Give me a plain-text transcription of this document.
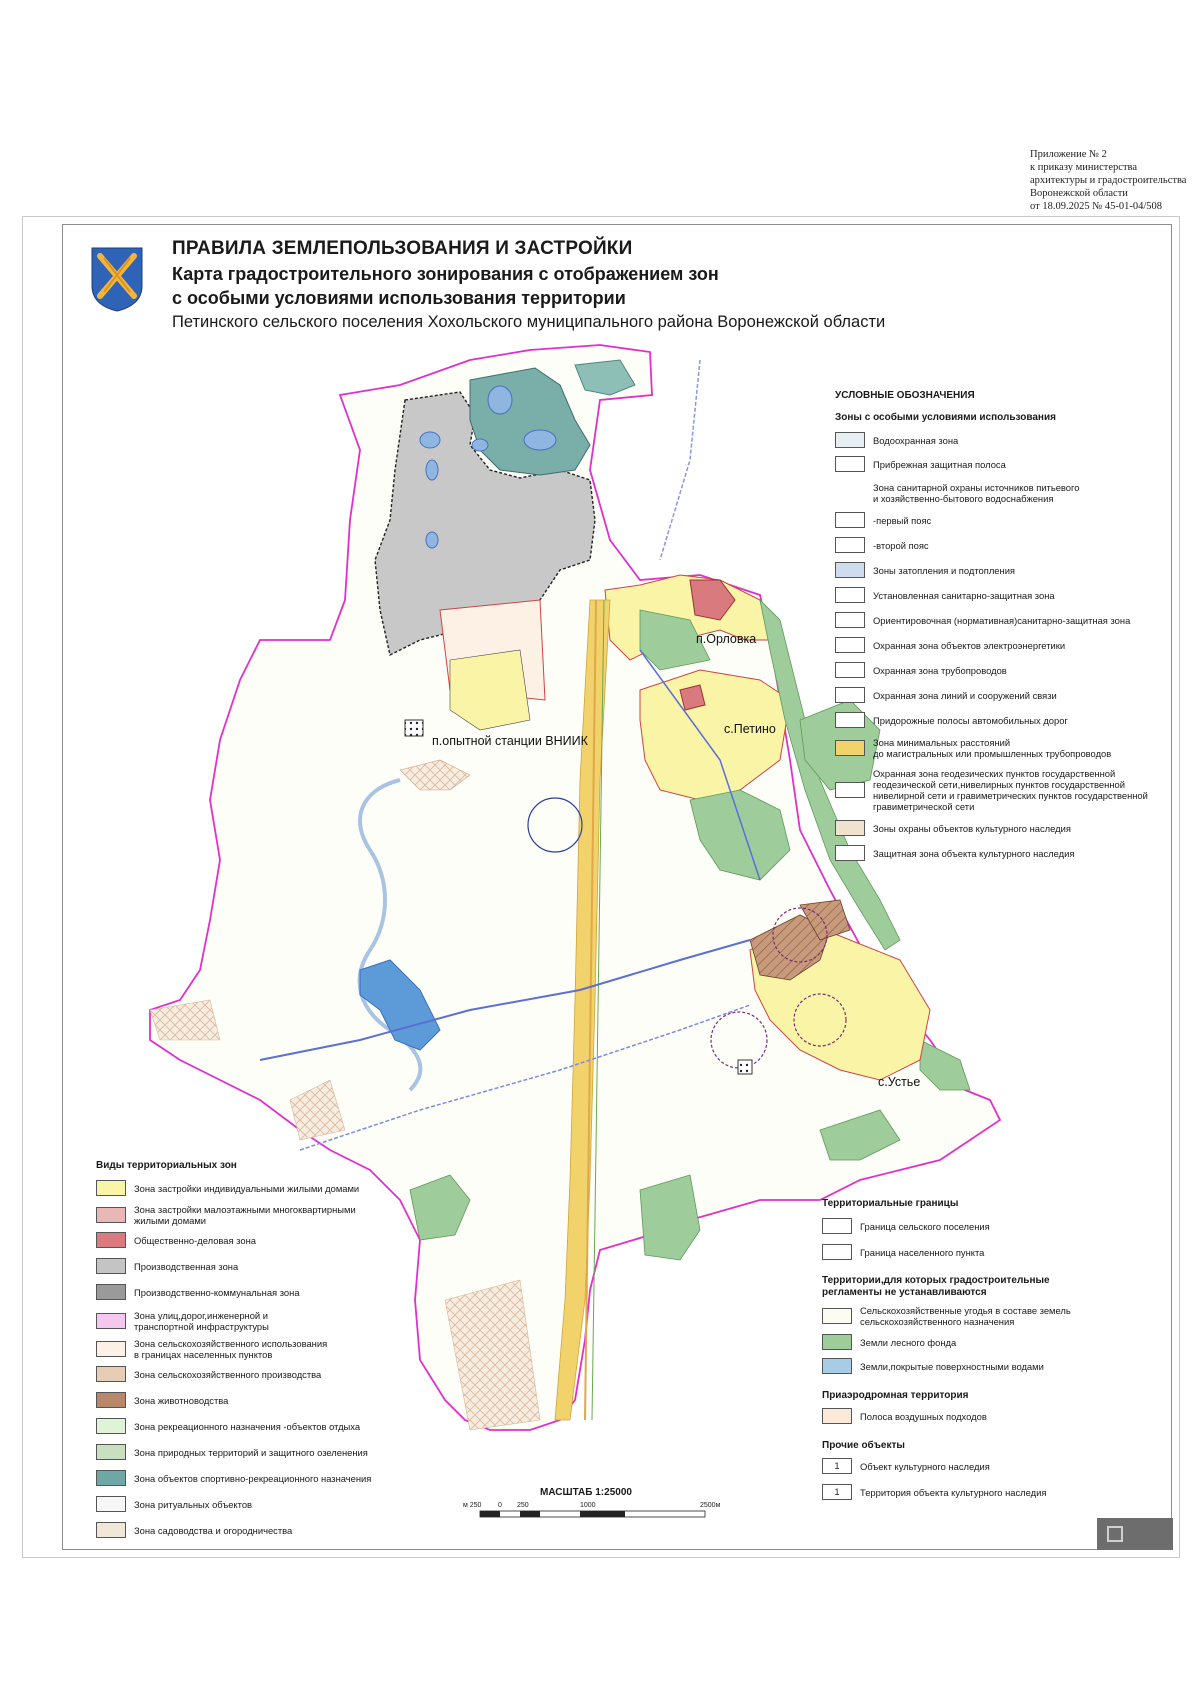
Приложение № 2
к приказу министерства
архитектуры и градостроительства
Воронежской области
от 18.09.2025 № 45-01-04/508
ПРАВИЛА ЗЕМЛЕПОЛЬЗОВАНИЯ И ЗАСТРОЙКИ
Карта градостроительного зонирования с отображением зон
с особыми условиями использования территории
Петинского сельского поселения Хохольского муниципального района Воронежской области
п.Орловка
с.Петино
п.опытной станции ВНИИК
с.Устье
УСЛОВНЫЕ ОБОЗНАЧЕНИЯ
Зоны с особыми условиями использования
Водоохранная зона
Прибрежная защитная полоса
Зона санитарной охраны источников питьевого
и хозяйственно-бытового водоснабжения
-первый пояс
-второй пояс
Зоны затопления и подтопления
Установленная санитарно-защитная зона
Ориентировочная (нормативная)санитарно-защитная зона
Охранная зона объектов электроэнергетики
Охранная зона трубопроводов
Охранная зона линий и сооружений связи
Придорожные полосы автомобильных дорог
Зона минимальных расстояний
до магистральных или промышленных трубопроводов
Охранная зона геодезических пунктов государственной
геодезической сети,нивелирных пунктов государственной
нивелирной сети и гравиметрических пунктов государственной
гравиметрической сети
Зоны охраны объектов культурного наследия
Защитная зона объекта культурного наследия
Виды территориальных зон
Зона застройки индивидуальными жилыми домами
Зона застройки малоэтажными многоквартирными
жилыми домами
Общественно-деловая зона
Производственная зона
Производственно-коммунальная зона
Зона улиц,дорог,инженерной и
транспортной инфраструктуры
Зона сельскохозяйственного использования
в границах населенных пунктов
Зона сельскохозяйственного производства
Зона животноводства
Зона рекреационного назначения -объектов отдыха
Зона природных территорий и защитного озеленения
Зона объектов спортивно-рекреационного назначения
Зона ритуальных объектов
Зона садоводства и огородничества
Территориальные границы
Граница сельского поселения
Граница населенного пункта
Территории,для которых градостроительные
регламенты не устанавливаются
Сельскохозяйственные угодья в составе земель
сельскохозяйственного назначения
Земли лесного фонда
Земли,покрытые поверхностными водами
Приаэродромная территория
Полоса воздушных подходов
Прочие объекты
1	Объект культурного наследия
1	Территория объекта культурного наследия
МАСШТАБ 1:25000
м 250 0 250	1000	2500м
